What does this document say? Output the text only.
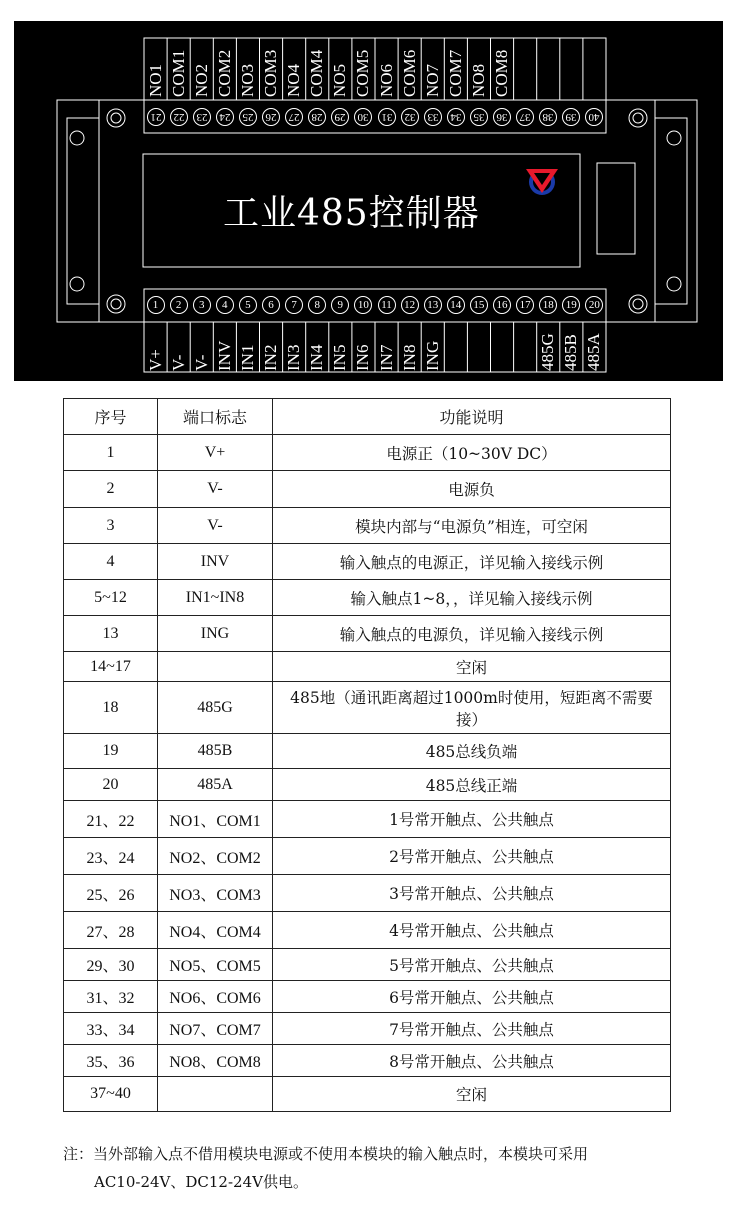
工业485控制器
21
NO1
22
COM1
23
NO2
24
COM2
25
NO3
26
COM3
27
NO4
28
COM4
29
NO5
30
COM5
31
NO6
32
COM6
33
NO7
34
COM7
35
NO8
36
COM8
37	38	39	40
1
V+
2
V-
3
V-
4
INV
5
IN1
6
IN2
7
IN3
8
IN4
9
IN5
10
IN6
11
IN7
12
IN8
13
ING
14	15	16	17	18
485G
19
485B
20
485A
序号	端口标志	功能说明
1	V+	电源正（10~30V DC）
2	V-	电源负
3	V-	模块内部与“电源负”相连，可空闲
4	INV	输入触点的电源正，详见输入接线示例
5~12	IN1~IN8	输入触点1~8，，详见输入接线示例
13	ING	输入触点的电源负，详见输入接线示例
14~17		空闲
18	485G	485地（通讯距离超过1000m时使用，短距离不需要接）
19	485B	485总线负端
20	485A	485总线正端
21、22	NO1、COM1	1号常开触点、公共触点
23、24	NO2、COM2	2号常开触点、公共触点
25、26	NO3、COM3	3号常开触点、公共触点
27、28	NO4、COM4	4号常开触点、公共触点
29、30	NO5、COM5	5号常开触点、公共触点
31、32	NO6、COM6	6号常开触点、公共触点
33、34	NO7、COM7	7号常开触点、公共触点
35、36	NO8、COM8	8号常开触点、公共触点
37~40		空闲
注：当外部输入点不借用模块电源或不使用本模块的输入触点时，本模块可采用
AC10-24V、DC12-24V供电。
